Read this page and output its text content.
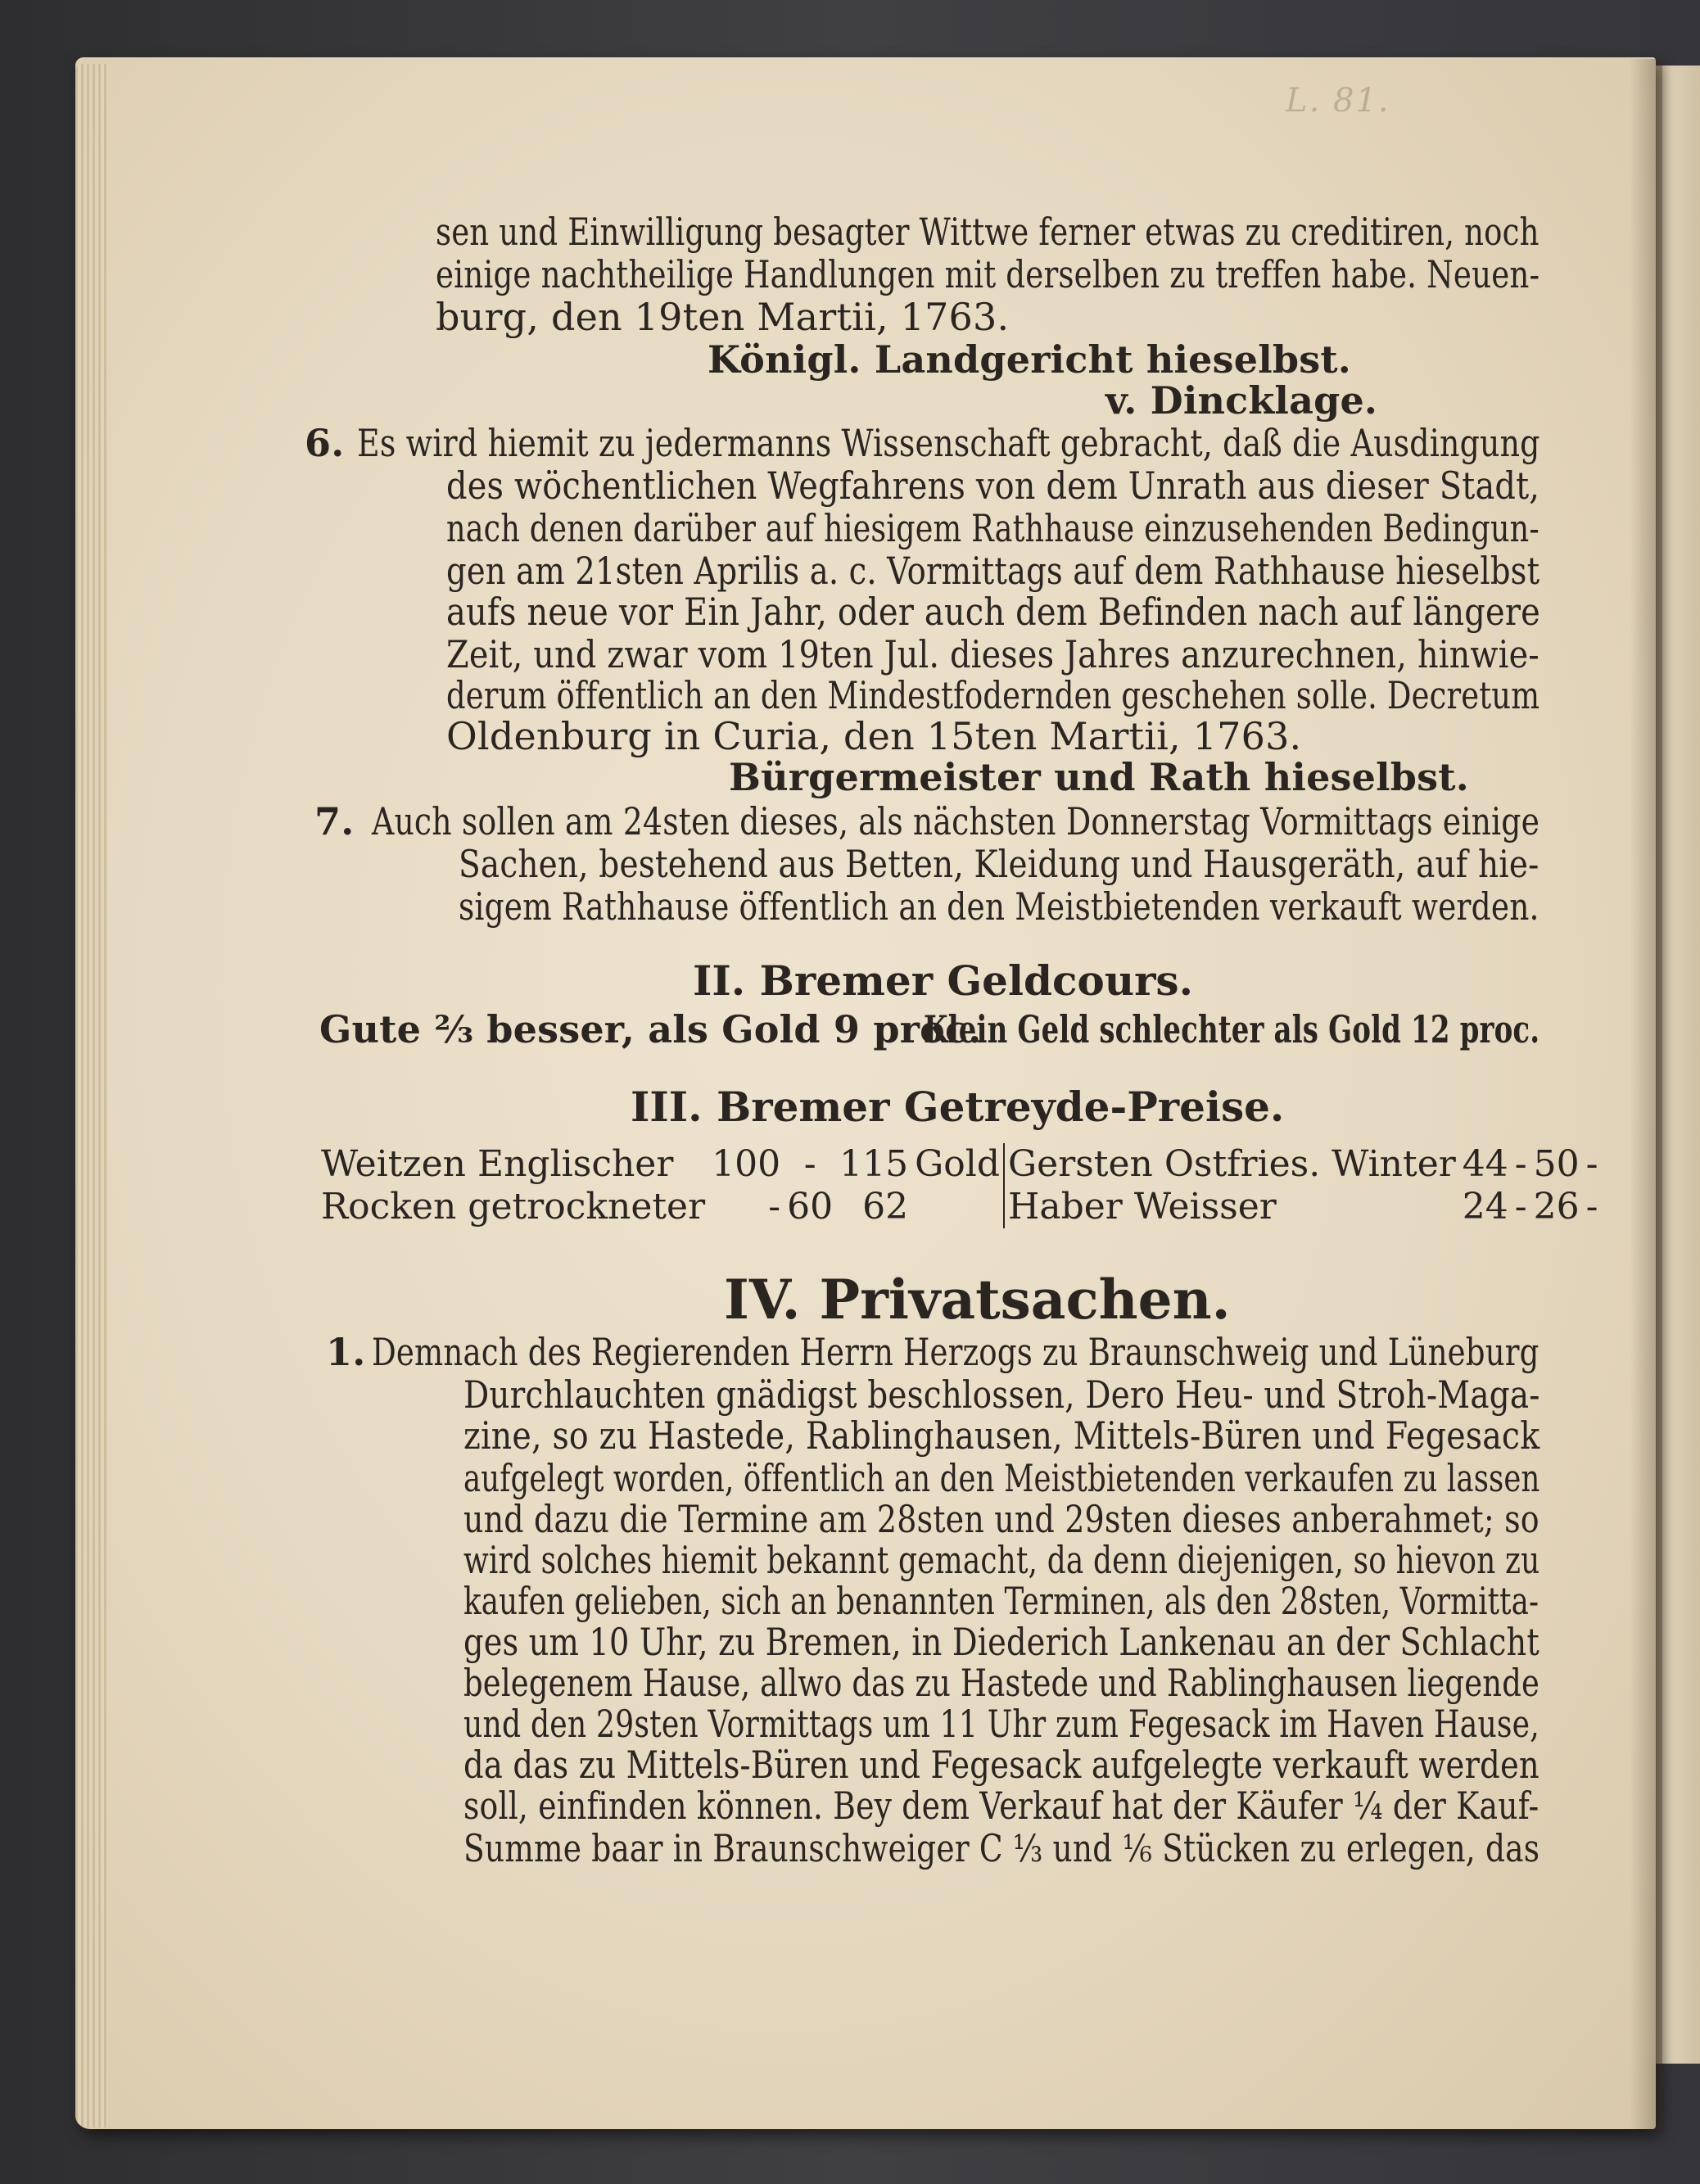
L. 81.
sen und Einwilligung besagter Wittwe ferner etwas zu creditiren, noch
einige nachtheilige Handlungen mit derselben zu treffen habe. Neuen-
burg, den 19ten Martii, 1763.
Königl. Landgericht hieselbst.
v. Dincklage.
6. Es wird hiemit zu jedermanns Wissenschaft gebracht, daß die Ausdingung
des wöchentlichen Wegfahrens von dem Unrath aus dieser Stadt,
nach denen darüber auf hiesigem Rathhause einzusehenden Bedingun-
gen am 21sten Aprilis a. c. Vormittags auf dem Rathhause hieselbst
aufs neue vor Ein Jahr, oder auch dem Befinden nach auf längere
Zeit, und zwar vom 19ten Jul. dieses Jahres anzurechnen, hinwie-
derum öffentlich an den Mindestfodernden geschehen solle. Decretum
Oldenburg in Curia, den 15ten Martii, 1763.
Bürgermeister und Rath hieselbst.
7. Auch sollen am 24sten dieses, als nächsten Donnerstag Vormittags einige
Sachen, bestehend aus Betten, Kleidung und Hausgeräth, auf hie-
sigem Rathhause öffentlich an den Meistbietenden verkauft werden.
II. Bremer Geldcours.
Gute ⅔ besser, als Gold 9 proc.
Klein Geld schlechter als Gold 12 proc.
III. Bremer Getreyde-Preise.
Weitzen Englischer	100	-	115	Gold	Gersten Ostfries. Winter	44	-	50	-
Rocken getrockneter	-	60	62		Haber Weisser	24	-	26	-
IV. Privatsachen.
1. Demnach des Regierenden Herrn Herzogs zu Braunschweig und Lüneburg
Durchlauchten gnädigst beschlossen, Dero Heu- und Stroh-Maga-
zine, so zu Hastede, Rablinghausen, Mittels-Büren und Fegesack
aufgelegt worden, öffentlich an den Meistbietenden verkaufen zu lassen
und dazu die Termine am 28sten und 29sten dieses anberahmet; so
wird solches hiemit bekannt gemacht, da denn diejenigen, so hievon zu
kaufen gelieben, sich an benannten Terminen, als den 28sten, Vormitta-
ges um 10 Uhr, zu Bremen, in Diederich Lankenau an der Schlacht
belegenem Hause, allwo das zu Hastede und Rablinghausen liegende
und den 29sten Vormittags um 11 Uhr zum Fegesack im Haven Hause,
da das zu Mittels-Büren und Fegesack aufgelegte verkauft werden
soll, einfinden können. Bey dem Verkauf hat der Käufer ¼ der Kauf-
Summe baar in Braunschweiger C ⅓ und ⅙ Stücken zu erlegen, das
